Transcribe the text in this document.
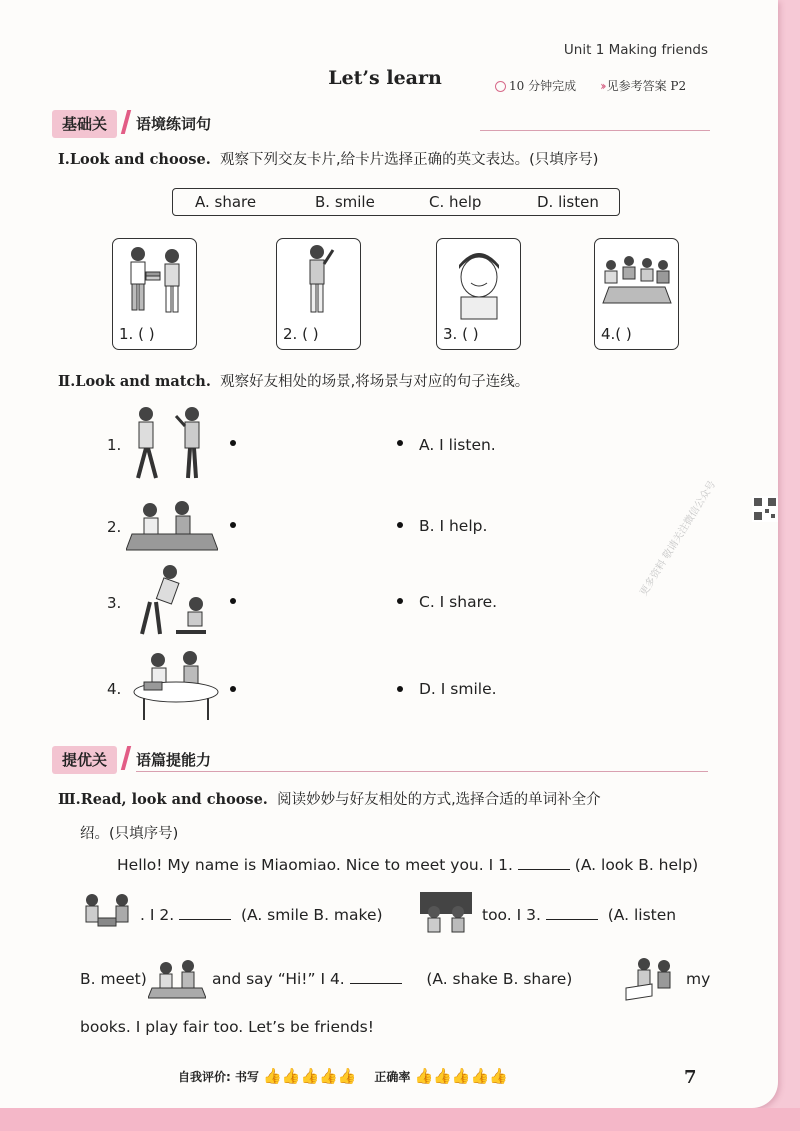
Unit 1 Making friends
Let’s learn	10 分钟完成 ›› 见参考答案 P2
基础关	语境练词句
Ⅰ.Look and choose. 观察下列交友卡片,给卡片选择正确的英文表达。(只填序号)
A. share	B. smile	C. help	D. listen
1. ( )	2. ( )	3. ( )	4.( )
Ⅱ.Look and match. 观察好友相处的场景,将场景与对应的句子连线。
1.	A. I listen.
2.	B. I help.
3.	C. I share.
4.	D. I smile.
更多资料 敬请关注微信公众号
提优关	语篇提能力
Ⅲ.Read, look and choose. 阅读妙妙与好友相处的方式,选择合适的单词补全介
绍。(只填序号)
Hello! My name is Miaomiao. Nice to meet you. I 1.	(A. look B. help)
. I 2.	(A. smile B. make)	too. I 3.	(A. listen
B. meet)	and say “Hi!” I 4.	(A. shake B. share)	my
books. I play fair too. Let’s be friends!
自我评价: 书写 👍👍👍👍👍 正确率 👍👍👍👍👍	7
